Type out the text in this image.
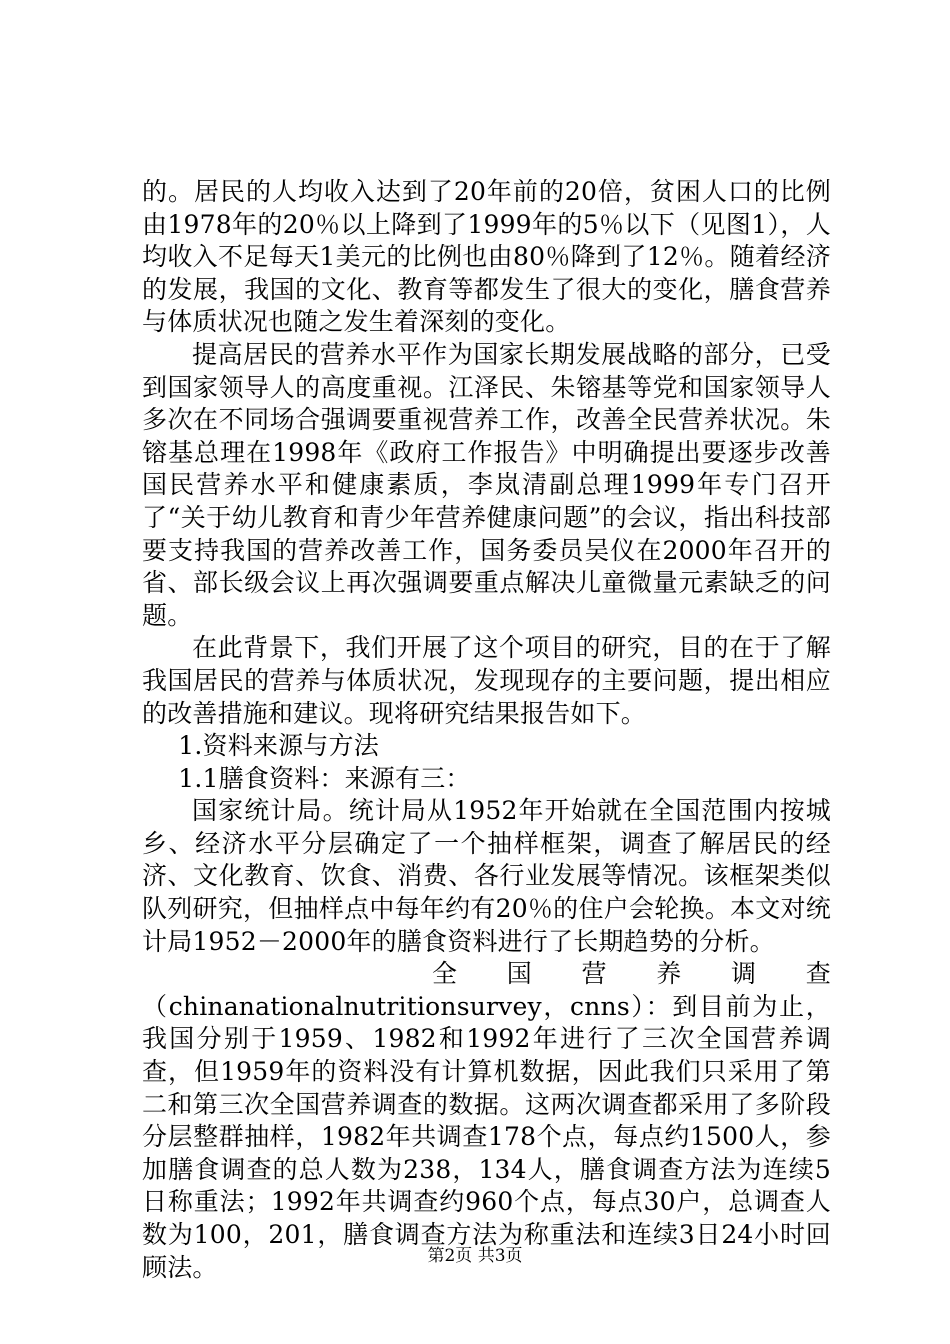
的。居民的人均收入达到了20年前的20倍，贫困人口的比例由1978年的20％以上降到了1999年的5％以下（见图1），人均收入不足每天1美元的比例也由80％降到了12％。随着经济的发展，我国的文化、教育等都发生了很大的变化，膳食营养与体质状况也随之发生着深刻的变化。

提高居民的营养水平作为国家长期发展战略的部分，已受到国家领导人的高度重视。江泽民、朱镕基等党和国家领导人多次在不同场合强调要重视营养工作，改善全民营养状况。朱镕基总理在1998年《政府工作报告》中明确提出要逐步改善国民营养水平和健康素质，李岚清副总理1999年专门召开了“关于幼儿教育和青少年营养健康问题”的会议，指出科技部要支持我国的营养改善工作，国务委员吴仪在2000年召开的省、部长级会议上再次强调要重点解决儿童微量元素缺乏的问题。

在此背景下，我们开展了这个项目的研究，目的在于了解我国居民的营养与体质状况，发现现存的主要问题，提出相应的改善措施和建议。现将研究结果报告如下。

1.资料来源与方法

1.1膳食资料：来源有三：

国家统计局。统计局从1952年开始就在全国范围内按城乡、经济水平分层确定了一个抽样框架，调查了解居民的经济、文化教育、饮食、消费、各行业发展等情况。该框架类似队列研究，但抽样点中每年约有20％的住户会轮换。本文对统计局1952－2000年的膳食资料进行了长期趋势的分析。

全 国 营 养 调 查

（chinanationalnutritionsurvey，cnns）：到目前为止，我国分别于1959、1982和1992年进行了三次全国营养调查，但1959年的资料没有计算机数据，因此我们只采用了第二和第三次全国营养调查的数据。这两次调查都采用了多阶段分层整群抽样，1982年共调查178个点，每点约1500人，参加膳食调查的总人数为238，134人，膳食调查方法为连续5日称重法；1992年共调查约960个点，每点30户，总调查人数为100，201，膳食调查方法为称重法和连续3日24小时回顾法。	第2页 共3页
